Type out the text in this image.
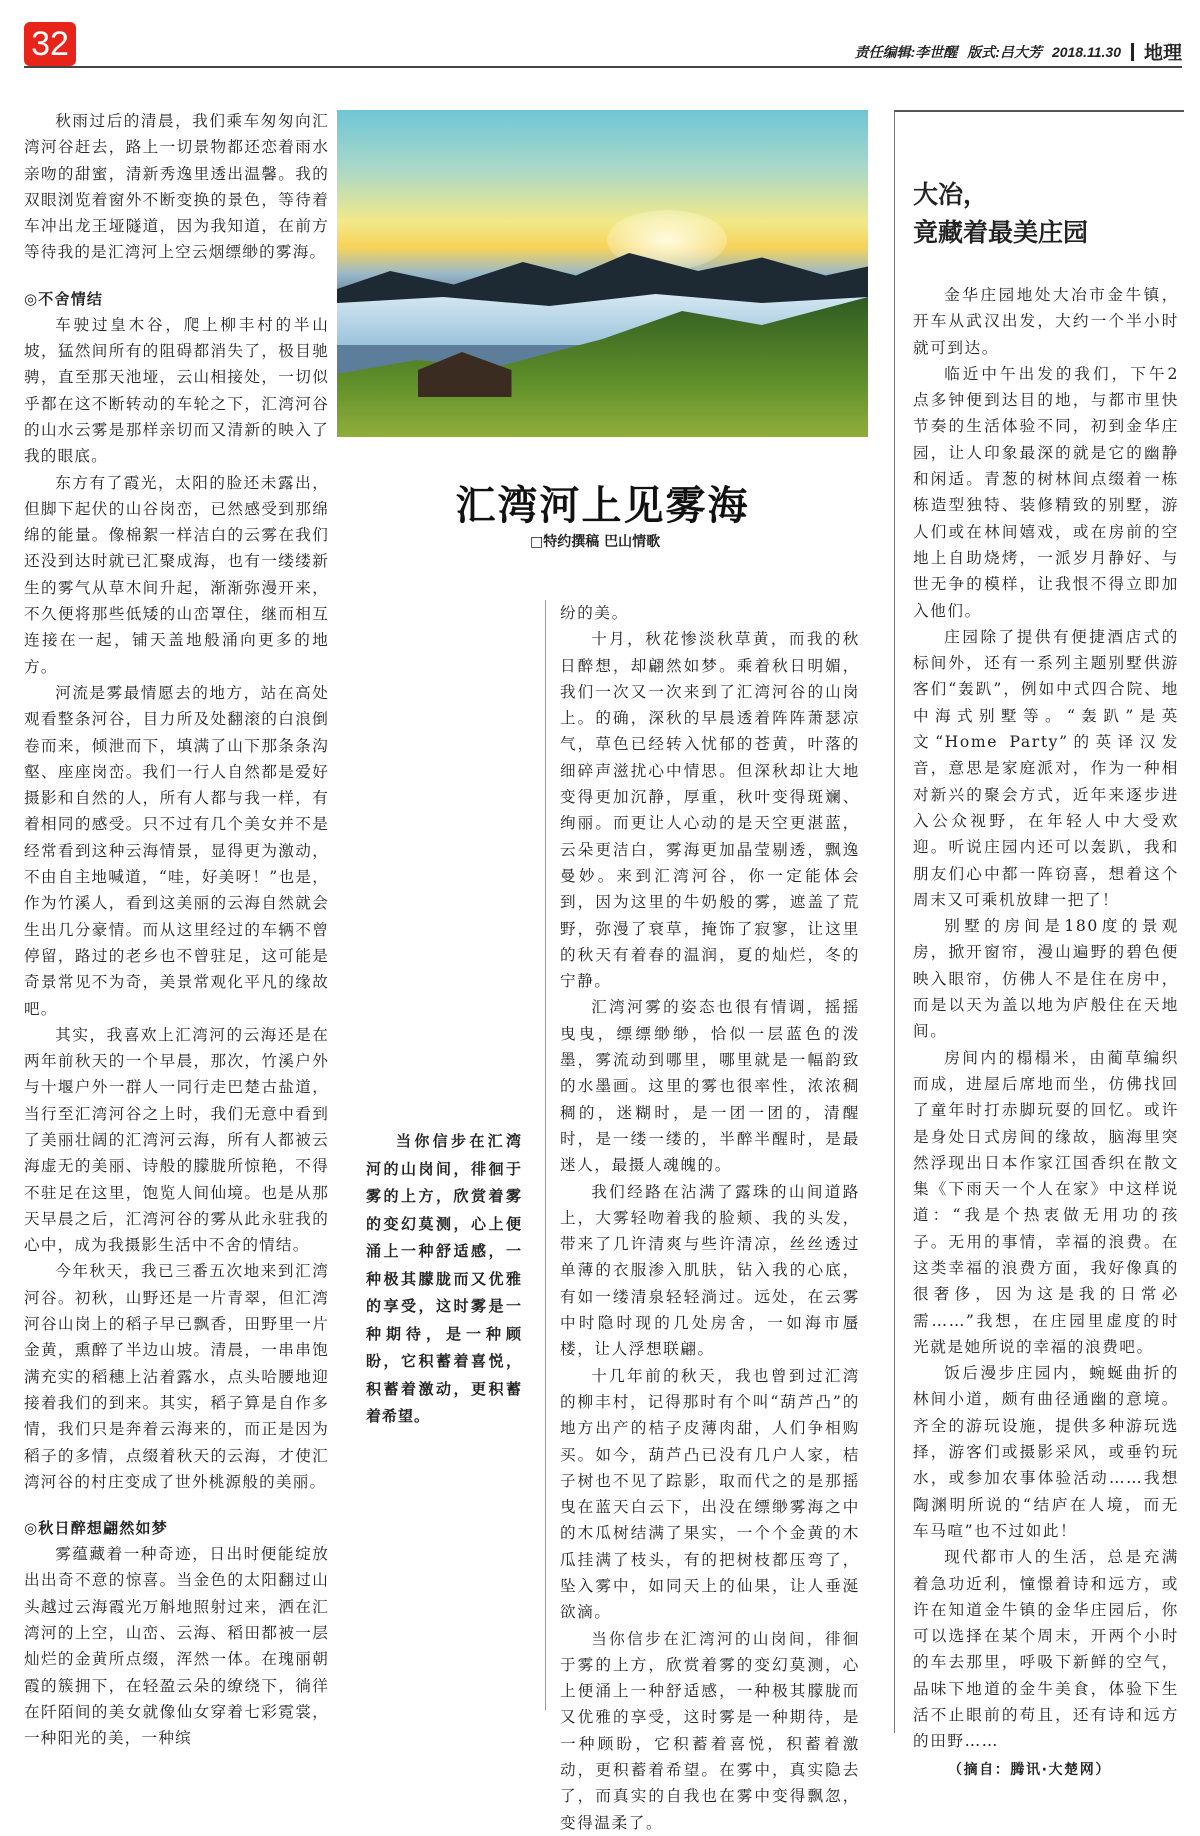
32	责任编辑:李世醒 版式:吕大芳 2018.11.30 地理

秋雨过后的清晨，我们乘车匆匆向汇湾河谷赶去，路上一切景物都还恋着雨水亲吻的甜蜜，清新秀逸里透出温馨。我的双眼浏览着窗外不断变换的景色，等待着车冲出龙王垭隧道，因为我知道，在前方等待我的是汇湾河上空云烟缥缈的雾海。

◎不舍情结

车驶过皇木谷，爬上柳丰村的半山坡，猛然间所有的阻碍都消失了，极目驰骋，直至那天池垭，云山相接处，一切似乎都在这不断转动的车轮之下，汇湾河谷的山水云雾是那样亲切而又清新的映入了我的眼底。

东方有了霞光，太阳的脸还未露出，但脚下起伏的山谷岗峦，已然感受到那绵绵的能量。像棉絮一样洁白的云雾在我们还没到达时就已汇聚成海，也有一缕缕新生的雾气从草木间升起，渐渐弥漫开来，不久便将那些低矮的山峦罩住，继而相互连接在一起，铺天盖地般涌向更多的地方。

河流是雾最情愿去的地方，站在高处观看整条河谷，目力所及处翻滚的白浪倒卷而来，倾泄而下，填满了山下那条条沟壑、座座岗峦。我们一行人自然都是爱好摄影和自然的人，所有人都与我一样，有着相同的感受。只不过有几个美女并不是经常看到这种云海情景，显得更为激动，不由自主地喊道，“哇，好美呀！”也是，作为竹溪人，看到这美丽的云海自然就会生出几分豪情。而从这里经过的车辆不曾停留，路过的老乡也不曾驻足，这可能是奇景常见不为奇，美景常观化平凡的缘故吧。

其实，我喜欢上汇湾河的云海还是在两年前秋天的一个早晨，那次，竹溪户外与十堰户外一群人一同行走巴楚古盐道，当行至汇湾河谷之上时，我们无意中看到了美丽壮阔的汇湾河云海，所有人都被云海虚无的美丽、诗般的朦胧所惊艳，不得不驻足在这里，饱览人间仙境。也是从那天早晨之后，汇湾河谷的雾从此永驻我的心中，成为我摄影生活中不舍的情结。

今年秋天，我已三番五次地来到汇湾河谷。初秋，山野还是一片青翠，但汇湾河谷山岗上的稻子早已飘香，田野里一片金黄，熏醉了半边山坡。清晨，一串串饱满充实的稻穗上沾着露水，点头哈腰地迎接着我们的到来。其实，稻子算是自作多情，我们只是奔着云海来的，而正是因为稻子的多情，点缀着秋天的云海，才使汇湾河谷的村庄变成了世外桃源般的美丽。

◎秋日醉想翩然如梦

雾蕴藏着一种奇迹，日出时便能绽放出出奇不意的惊喜。当金色的太阳翻过山头越过云海霞光万斛地照射过来，洒在汇湾河的上空，山峦、云海、稻田都被一层灿烂的金黄所点缀，浑然一体。在瑰丽朝霞的簇拥下，在轻盈云朵的缭绕下，徜徉在阡陌间的美女就像仙女穿着七彩霓裳，一种阳光的美，一种缤

汇湾河上见雾海
□特约撰稿 巴山情歌
当你信步在汇湾河的山岗间，徘徊于雾的上方，欣赏着雾的变幻莫测，心上便涌上一种舒适感，一种极其朦胧而又优雅的享受，这时雾是一种期待，是一种顾盼，它积蓄着喜悦，积蓄着激动，更积蓄着希望。

纷的美。

十月，秋花惨淡秋草黄，而我的秋日醉想，却翩然如梦。乘着秋日明媚，我们一次又一次来到了汇湾河谷的山岗上。的确，深秋的早晨透着阵阵萧瑟凉气，草色已经转入忧郁的苍黄，叶落的细碎声滋扰心中情思。但深秋却让大地变得更加沉静，厚重，秋叶变得斑斓、绚丽。而更让人心动的是天空更湛蓝，云朵更洁白，雾海更加晶莹剔透，飘逸曼妙。来到汇湾河谷，你一定能体会到，因为这里的牛奶般的雾，遮盖了荒野，弥漫了衰草，掩饰了寂寥，让这里的秋天有着春的温润，夏的灿烂，冬的宁静。

汇湾河雾的姿态也很有情调，摇摇曳曳，缥缥缈缈，恰似一层蓝色的泼墨，雾流动到哪里，哪里就是一幅韵致的水墨画。这里的雾也很率性，浓浓稠稠的，迷糊时，是一团一团的，清醒时，是一缕一缕的，半醉半醒时，是最迷人，最摄人魂魄的。

我们经路在沾满了露珠的山间道路上，大雾轻吻着我的脸颊、我的头发，带来了几许清爽与些许清凉，丝丝透过单薄的衣服渗入肌肤，钻入我的心底，有如一缕清泉轻轻淌过。远处，在云雾中时隐时现的几处房舍，一如海市蜃楼，让人浮想联翩。

十几年前的秋天，我也曾到过汇湾的柳丰村，记得那时有个叫“葫芦凸”的地方出产的桔子皮薄肉甜，人们争相购买。如今，葫芦凸已没有几户人家，桔子树也不见了踪影，取而代之的是那摇曳在蓝天白云下，出没在缥缈雾海之中的木瓜树结满了果实，一个个金黄的木瓜挂满了枝头，有的把树枝都压弯了，坠入雾中，如同天上的仙果，让人垂涎欲滴。

当你信步在汇湾河的山岗间，徘徊于雾的上方，欣赏着雾的变幻莫测，心上便涌上一种舒适感，一种极其朦胧而又优雅的享受，这时雾是一种期待，是一种顾盼，它积蓄着喜悦，积蓄着激动，更积蓄着希望。在雾中，真实隐去了，而真实的自我也在雾中变得飘忽，变得温柔了。

大冶，
竟藏着最美庄园

金华庄园地处大冶市金牛镇，开车从武汉出发，大约一个半小时就可到达。

临近中午出发的我们，下午2点多钟便到达目的地，与都市里快节奏的生活体验不同，初到金华庄园，让人印象最深的就是它的幽静和闲适。青葱的树林间点缀着一栋栋造型独特、装修精致的别墅，游人们或在林间嬉戏，或在房前的空地上自助烧烤，一派岁月静好、与世无争的模样，让我恨不得立即加入他们。

庄园除了提供有便捷酒店式的标间外，还有一系列主题别墅供游客们“轰趴”，例如中式四合院、地中海式别墅等。“轰趴”是英文“Home Party”的英译汉发音，意思是家庭派对，作为一种相对新兴的聚会方式，近年来逐步进入公众视野，在年轻人中大受欢迎。听说庄园内还可以轰趴，我和朋友们心中都一阵窃喜，想着这个周末又可乘机放肆一把了！

别墅的房间是180度的景观房，掀开窗帘，漫山遍野的碧色便映入眼帘，仿佛人不是住在房中，而是以天为盖以地为庐般住在天地间。

房间内的榻榻米，由蔺草编织而成，进屋后席地而坐，仿佛找回了童年时打赤脚玩耍的回忆。或许是身处日式房间的缘故，脑海里突然浮现出日本作家江国香织在散文集《下雨天一个人在家》中这样说道：“我是个热衷做无用功的孩子。无用的事情，幸福的浪费。在这类幸福的浪费方面，我好像真的很奢侈，因为这是我的日常必需……”我想，在庄园里虚度的时光就是她所说的幸福的浪费吧。

饭后漫步庄园内，蜿蜒曲折的林间小道，颇有曲径通幽的意境。齐全的游玩设施，提供多种游玩选择，游客们或摄影采风，或垂钓玩水，或参加农事体验活动……我想陶渊明所说的“结庐在人境，而无车马喧”也不过如此！

现代都市人的生活，总是充满着急功近利，憧憬着诗和远方，或许在知道金牛镇的金华庄园后，你可以选择在某个周末，开两个小时的车去那里，呼吸下新鲜的空气，品味下地道的金牛美食，体验下生活不止眼前的苟且，还有诗和远方的田野……

（摘自：腾讯·大楚网）
